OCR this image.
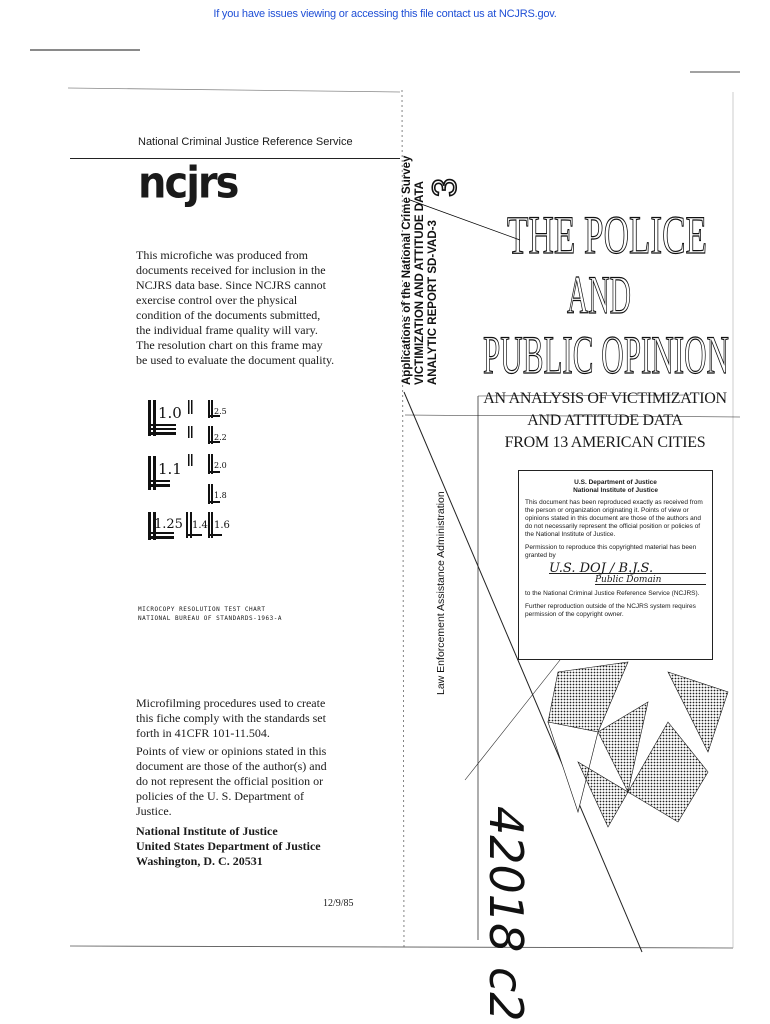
If you have issues viewing or accessing this file contact us at NCJRS.gov.
National Criminal Justice Reference Service
ncjrs
This microfiche was produced from documents received for inclusion in the NCJRS data base. Since NCJRS cannot exercise control over the physical condition of the documents submitted, the individual frame quality will vary. The resolution chart on this frame may be used to evaluate the document quality.
1.0
1.1
1.25 1.4 1.6
2.5
2.2
2.0
1.8
MICROCOPY RESOLUTION TEST CHART
NATIONAL BUREAU OF STANDARDS-1963-A
Microfilming procedures used to create this fiche comply with the standards set forth in 41CFR 101-11.504.
Points of view or opinions stated in this document are those of the author(s) and do not represent the official position or policies of the U. S. Department of Justice.
National Institute of Justice
United States Department of Justice
Washington, D. C. 20531
12/9/85
Applications of the National Crime Survey VICTIMIZATION AND ATTITUDE DATA ANALYTIC REPORT SD-VAD-3
3
THE POLICE
AND
PUBLIC OPINION
AN ANALYSIS OF VICTIMIZATION
AND ATTITUDE DATA
FROM 13 AMERICAN CITIES
Law Enforcement Assistance Administration
U.S. Department of Justice
National Institute of Justice

This document has been reproduced exactly as received from the person or organization originating it. Points of view or opinions stated in this document are those of the authors and do not necessarily represent the official position or policies of the National Institute of Justice.

Permission to reproduce this copyrighted material has been granted by

U.S. DOJ / B.J.S.
Public Domain

to the National Criminal Justice Reference Service (NCJRS).

Further reproduction outside of the NCJRS system requires permission of the copyright owner.

42018 c2
